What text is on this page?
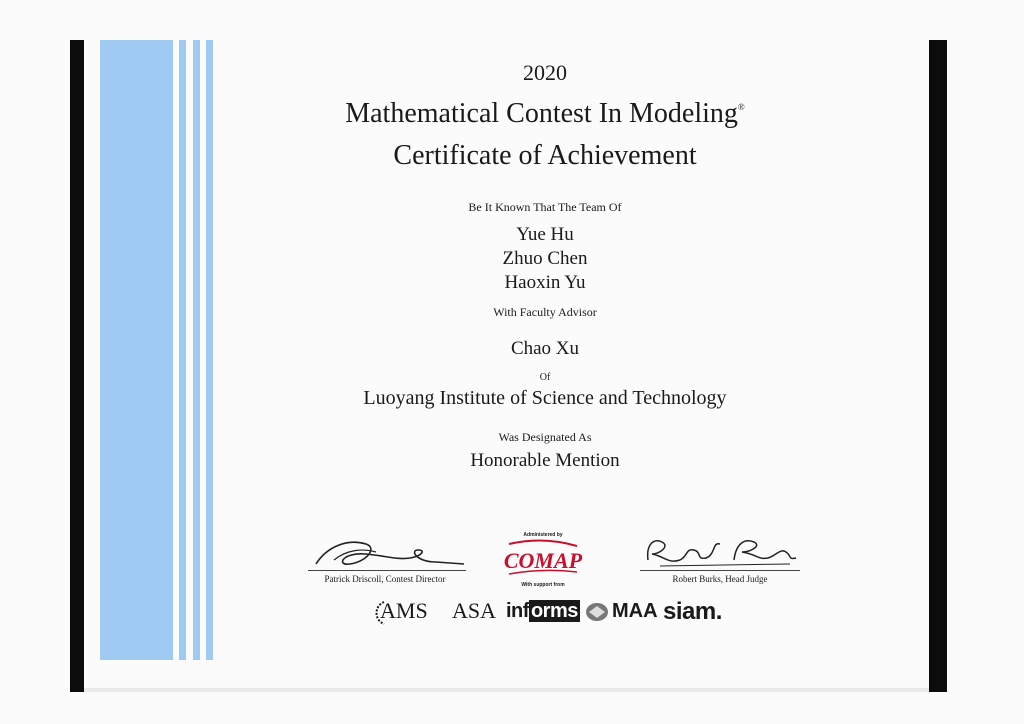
2020
Mathematical Contest In Modeling®
Certificate of Achievement
Be It Known That The Team Of
Yue Hu
Zhuo Chen
Haoxin Yu
With Faculty Advisor
Chao Xu
Of
Luoyang Institute of Science and Technology
Was Designated As
Honorable Mention
Patrick Driscoll, Contest Director
Administered by
COMAP
With support from
Robert Burks, Head Judge
AMS ASA inf orms MAA siam.
